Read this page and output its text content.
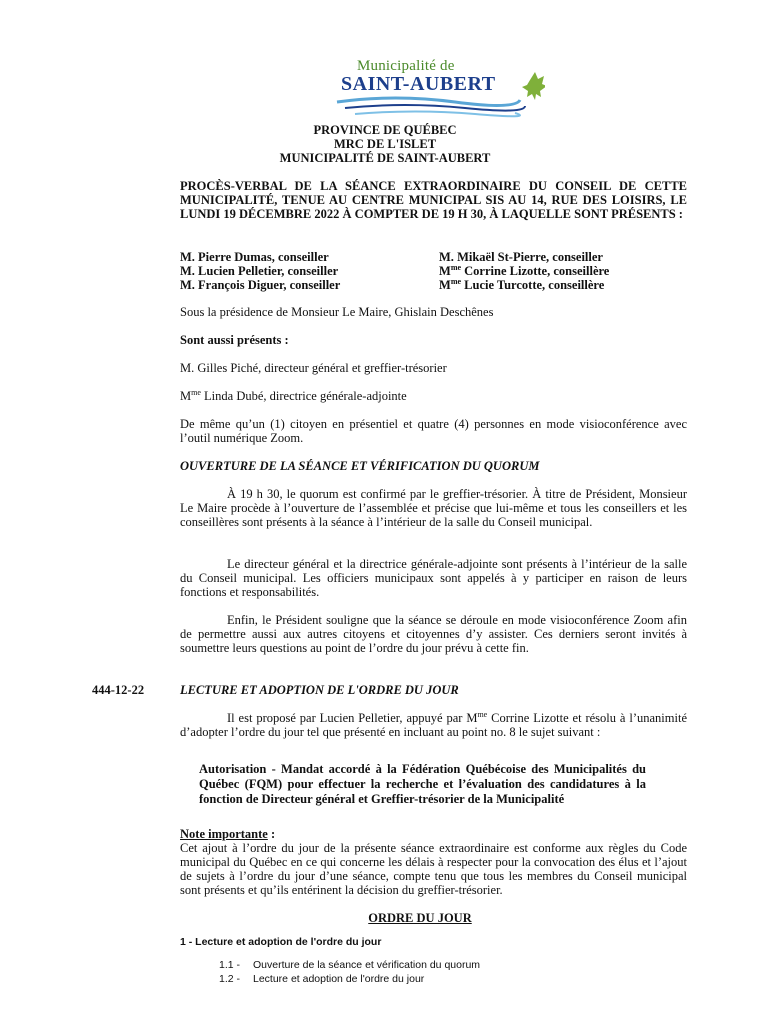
Municipalité de
SAINT-AUBERT
PROVINCE DE QUÉBEC
MRC DE L'ISLET
MUNICIPALITÉ DE SAINT-AUBERT
PROCÈS-VERBAL DE LA SÉANCE EXTRAORDINAIRE DU CONSEIL DE CETTE MUNICIPALITÉ, TENUE AU CENTRE MUNICIPAL SIS AU 14, RUE DES LOISIRS, LE LUNDI 19 DÉCEMBRE 2022 À COMPTER DE 19 H 30, À LAQUELLE SONT PRÉSENTS :
M. Pierre Dumas, conseiller
M. Lucien Pelletier, conseiller
M. François Diguer, conseiller
M. Mikaël St-Pierre, conseiller
$M^{me}$ Corrine Lizotte, conseillère
$M^{me}$ Lucie Turcotte, conseillère
Sous la présidence de Monsieur Le Maire, Ghislain Deschênes
Sont aussi présents :
M. Gilles Piché, directeur général et greffier-trésorier
$M^{me}$ Linda Dubé, directrice générale-adjointe
De même qu’un (1) citoyen en présentiel et quatre (4) personnes en mode visioconférence avec l’outil numérique Zoom.
OUVERTURE DE LA SÉANCE ET VÉRIFICATION DU QUORUM
À 19 h 30, le quorum est confirmé par le greffier-trésorier. À titre de Président, Monsieur Le Maire procède à l’ouverture de l’assemblée et précise que lui-même et tous les conseillers et les conseillères sont présents à la séance à l’intérieur de la salle du Conseil municipal.
Le directeur général et la directrice générale-adjointe sont présents à l’intérieur de la salle du Conseil municipal. Les officiers municipaux sont appelés à y participer en raison de leurs fonctions et responsabilités.
Enfin, le Président souligne que la séance se déroule en mode visioconférence Zoom afin de permettre aussi aux autres citoyens et citoyennes d’y assister. Ces derniers seront invités à soumettre leurs questions au point de l’ordre du jour prévu à cette fin.
444-12-22	LECTURE ET ADOPTION DE L'ORDRE DU JOUR
Il est proposé par Lucien Pelletier, appuyé par $M^{me}$ Corrine Lizotte et résolu à l’unanimité d’adopter l’ordre du jour tel que présenté en incluant au point no. 8 le sujet suivant :
Autorisation - Mandat accordé à la Fédération Québécoise des Municipalités du Québec (FQM) pour effectuer la recherche et l’évaluation des candidatures à la fonction de Directeur général et Greffier-trésorier de la Municipalité
Note importante :
Cet ajout à l’ordre du jour de la présente séance extraordinaire est conforme aux règles du Code municipal du Québec en ce qui concerne les délais à respecter pour la convocation des élus et l’ajout de sujets à l’ordre du jour d’une séance, compte tenu que tous les membres du Conseil municipal sont présents et qu’ils entérinent la décision du greffier-trésorier.
ORDRE DU JOUR
1 - Lecture et adoption de l'ordre du jour
1.1 - Ouverture de la séance et vérification du quorum
1.2 - Lecture et adoption de l'ordre du jour
